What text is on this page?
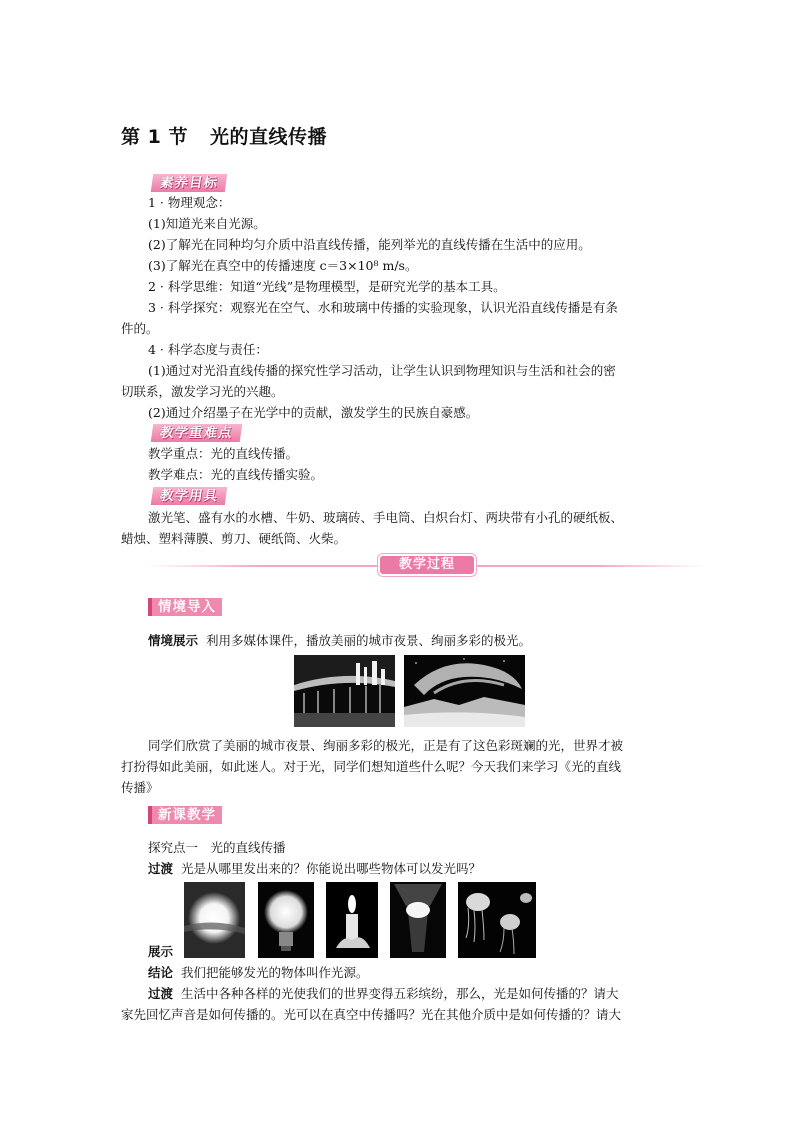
第 1 节 光的直线传播
素养目标
1 · 物理观念：
(1)知道光来自光源。
(2)了解光在同种均匀介质中沿直线传播，能列举光的直线传播在生活中的应用。
(3)了解光在真空中的传播速度 c＝3×10⁸ m/s。
2 · 科学思维：知道“光线”是物理模型，是研究光学的基本工具。
3 · 科学探究：观察光在空气、水和玻璃中传播的实验现象，认识光沿直线传播是有条
件的。
4 · 科学态度与责任：
(1)通过对光沿直线传播的探究性学习活动，让学生认识到物理知识与生活和社会的密
切联系，激发学习光的兴趣。
(2)通过介绍墨子在光学中的贡献，激发学生的民族自豪感。
教学重难点
教学重点：光的直线传播。
教学难点：光的直线传播实验。
教学用具
激光笔、盛有水的水槽、牛奶、玻璃砖、手电筒、白炽台灯、两块带有小孔的硬纸板、
蜡烛、塑料薄膜、剪刀、硬纸筒、火柴。
教学过程
情境导入
情境展示 利用多媒体课件，播放美丽的城市夜景、绚丽多彩的极光。
同学们欣赏了美丽的城市夜景、绚丽多彩的极光，正是有了这色彩斑斓的光，世界才被
打扮得如此美丽，如此迷人。对于光，同学们想知道些什么呢？今天我们来学习《光的直线
传播》
新课教学
探究点一　光的直线传播
过渡 光是从哪里发出来的？你能说出哪些物体可以发光吗？
展示
结论 我们把能够发光的物体叫作光源。
过渡 生活中各种各样的光使我们的世界变得五彩缤纷，那么，光是如何传播的？请大
家先回忆声音是如何传播的。光可以在真空中传播吗？光在其他介质中是如何传播的？请大
